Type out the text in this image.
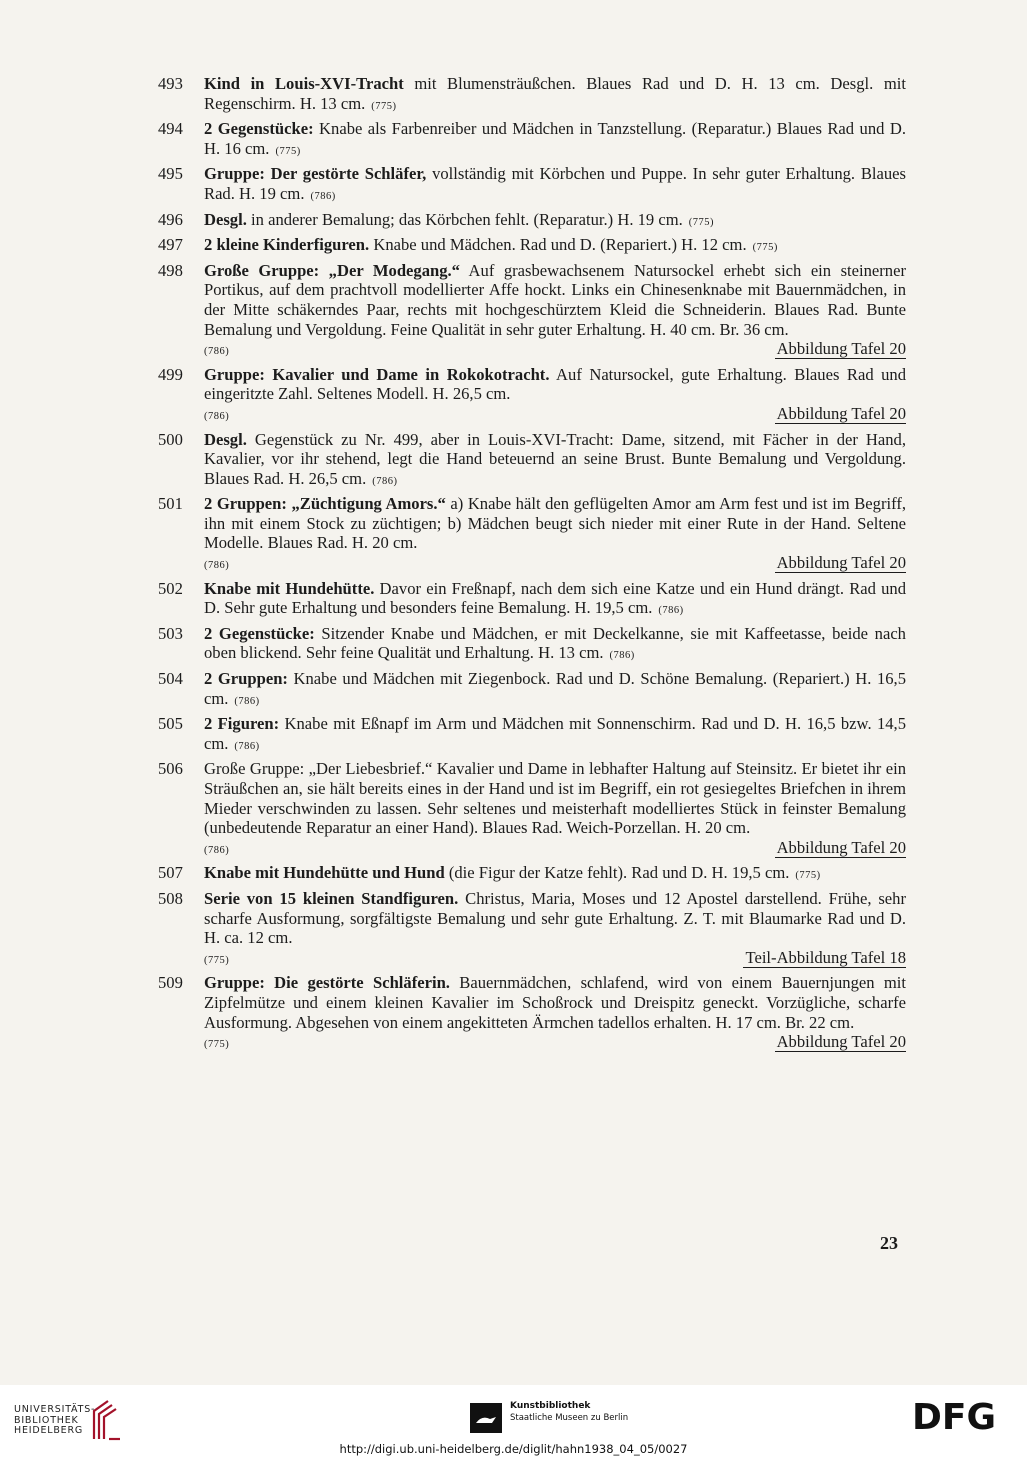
493	Kind in Louis-XVI-Tracht mit Blumensträußchen. Blaues Rad und D. H. 13 cm. Desgl. mit Regenschirm. H. 13 cm. (775)
494	2 Gegenstücke: Knabe als Farbenreiber und Mädchen in Tanzstellung. (Reparatur.) Blaues Rad und D. H. 16 cm. (775)
495	Gruppe: Der gestörte Schläfer, vollständig mit Körbchen und Puppe. In sehr guter Erhaltung. Blaues Rad. H. 19 cm. (786)
496	Desgl. in anderer Bemalung; das Körbchen fehlt. (Reparatur.) H. 19 cm. (775)
497	2 kleine Kinderfiguren. Knabe und Mädchen. Rad und D. (Repariert.) H. 12 cm. (775)
498	Große Gruppe: „Der Modegang.“ Auf grasbewachsenem Natursockel erhebt sich ein steinerner Portikus, auf dem prachtvoll modellierter Affe hockt. Links ein Chinesenknabe mit Bauernmädchen, in der Mitte schäkerndes Paar, rechts mit hochgeschürztem Kleid die Schneiderin. Blaues Rad. Bunte Bemalung und Vergoldung. Feine Qualität in sehr guter Erhaltung. H. 40 cm. Br. 36 cm.
(786)	Abbildung Tafel 20
499	Gruppe: Kavalier und Dame in Rokokotracht. Auf Natursockel, gute Erhaltung. Blaues Rad und eingeritzte Zahl. Seltenes Modell. H. 26,5 cm.
(786)	Abbildung Tafel 20
500	Desgl. Gegenstück zu Nr. 499, aber in Louis-XVI-Tracht: Dame, sitzend, mit Fächer in der Hand, Kavalier, vor ihr stehend, legt die Hand beteuernd an seine Brust. Bunte Bemalung und Vergoldung. Blaues Rad. H. 26,5 cm. (786)
501	2 Gruppen: „Züchtigung Amors.“ a) Knabe hält den geflügelten Amor am Arm fest und ist im Begriff, ihn mit einem Stock zu züchtigen; b) Mädchen beugt sich nieder mit einer Rute in der Hand. Seltene Modelle. Blaues Rad. H. 20 cm.
(786)	Abbildung Tafel 20
502	Knabe mit Hundehütte. Davor ein Freßnapf, nach dem sich eine Katze und ein Hund drängt. Rad und D. Sehr gute Erhaltung und besonders feine Bemalung. H. 19,5 cm. (786)
503	2 Gegenstücke: Sitzender Knabe und Mädchen, er mit Deckelkanne, sie mit Kaffeetasse, beide nach oben blickend. Sehr feine Qualität und Erhaltung. H. 13 cm. (786)
504	2 Gruppen: Knabe und Mädchen mit Ziegenbock. Rad und D. Schöne Bemalung. (Repariert.) H. 16,5 cm. (786)
505	2 Figuren: Knabe mit Eßnapf im Arm und Mädchen mit Sonnenschirm. Rad und D. H. 16,5 bzw. 14,5 cm. (786)
506	Große Gruppe: „Der Liebesbrief.“ Kavalier und Dame in lebhafter Haltung auf Steinsitz. Er bietet ihr ein Sträußchen an, sie hält bereits eines in der Hand und ist im Begriff, ein rot gesiegeltes Briefchen in ihrem Mieder verschwinden zu lassen. Sehr seltenes und meisterhaft modelliertes Stück in feinster Bemalung (unbedeutende Reparatur an einer Hand). Blaues Rad. Weich-Porzellan. H. 20 cm.
(786)	Abbildung Tafel 20
507	Knabe mit Hundehütte und Hund (die Figur der Katze fehlt). Rad und D. H. 19,5 cm. (775)
508	Serie von 15 kleinen Standfiguren. Christus, Maria, Moses und 12 Apostel darstellend. Frühe, sehr scharfe Ausformung, sorgfältigste Bemalung und sehr gute Erhaltung. Z. T. mit Blaumarke Rad und D. H. ca. 12 cm.
(775)	Teil-Abbildung Tafel 18
509	Gruppe: Die gestörte Schläferin. Bauernmädchen, schlafend, wird von einem Bauernjungen mit Zipfelmütze und einem kleinen Kavalier im Schoßrock und Dreispitz geneckt. Vorzügliche, scharfe Ausformung. Abgesehen von einem angekitteten Ärmchen tadellos erhalten. H. 17 cm. Br. 22 cm.
(775)	Abbildung Tafel 20
23
UNIVERSITÄTS-
BIBLIOTHEK
HEIDELBERG
Kunstbibliothek
Staatliche Museen zu Berlin	DFG
http://digi.ub.uni-heidelberg.de/diglit/hahn1938_04_05/0027
